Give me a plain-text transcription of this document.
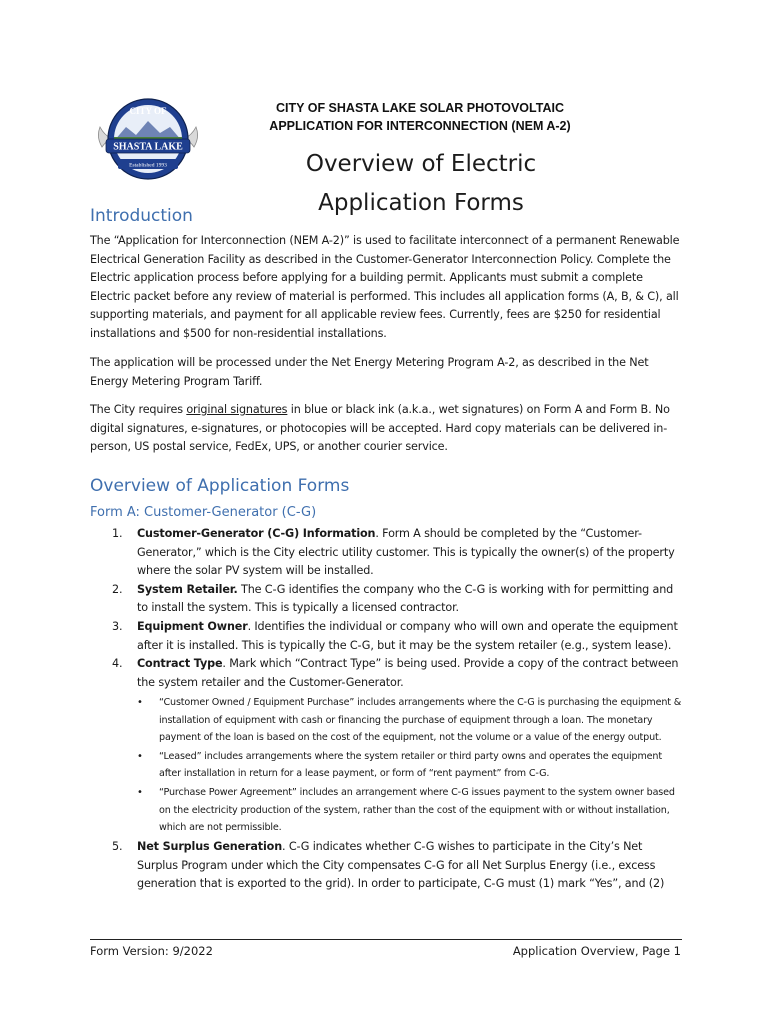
SHASTA LAKE
CITY OF
Established 1993
CITY OF SHASTA LAKE SOLAR PHOTOVOLTAIC
APPLICATION FOR INTERCONNECTION (NEM A-2)
Overview of Electric
Application Forms
Introduction

The “Application for Interconnection (NEM A-2)” is used to facilitate interconnect of a permanent Renewable Electrical Generation Facility as described in the Customer-Generator Interconnection Policy. Complete the Electric application process before applying for a building permit. Applicants must submit a complete Electric packet before any review of material is performed. This includes all application forms (A, B, & C), all supporting materials, and payment for all applicable review fees. Currently, fees are $250 for residential installations and $500 for non-residential installations.

The application will be processed under the Net Energy Metering Program A-2, as described in the Net Energy Metering Program Tariff.

The City requires original signatures in blue or black ink (a.k.a., wet signatures) on Form A and Form B. No digital signatures, e-signatures, or photocopies will be accepted. Hard copy materials can be delivered in-person, US postal service, FedEx, UPS, or another courier service.

Overview of Application Forms
Form A: Customer-Generator (C-G)
1. Customer-Generator (C-G) Information. Form A should be completed by the “Customer-Generator,” which is the City electric utility customer. This is typically the owner(s) of the property where the solar PV system will be installed.
2. System Retailer. The C-G identifies the company who the C-G is working with for permitting and to install the system. This is typically a licensed contractor.
3. Equipment Owner. Identifies the individual or company who will own and operate the equipment after it is installed. This is typically the C-G, but it may be the system retailer (e.g., system lease).
4. Contract Type. Mark which “Contract Type” is being used. Provide a copy of the contract between the system retailer and the Customer-Generator.
• “Customer Owned / Equipment Purchase” includes arrangements where the C-G is purchasing the equipment & installation of equipment with cash or financing the purchase of equipment through a loan. The monetary payment of the loan is based on the cost of the equipment, not the volume or a value of the energy output.
• “Leased” includes arrangements where the system retailer or third party owns and operates the equipment after installation in return for a lease payment, or form of “rent payment” from C-G.
• “Purchase Power Agreement” includes an arrangement where C-G issues payment to the system owner based on the electricity production of the system, rather than the cost of the equipment with or without installation, which are not permissible.
5. Net Surplus Generation. C-G indicates whether C-G wishes to participate in the City’s Net Surplus Program under which the City compensates C-G for all Net Surplus Energy (i.e., excess generation that is exported to the grid). In order to participate, C-G must (1) mark “Yes”, and (2)
Form Version: 9/2022	Application Overview, Page 1
